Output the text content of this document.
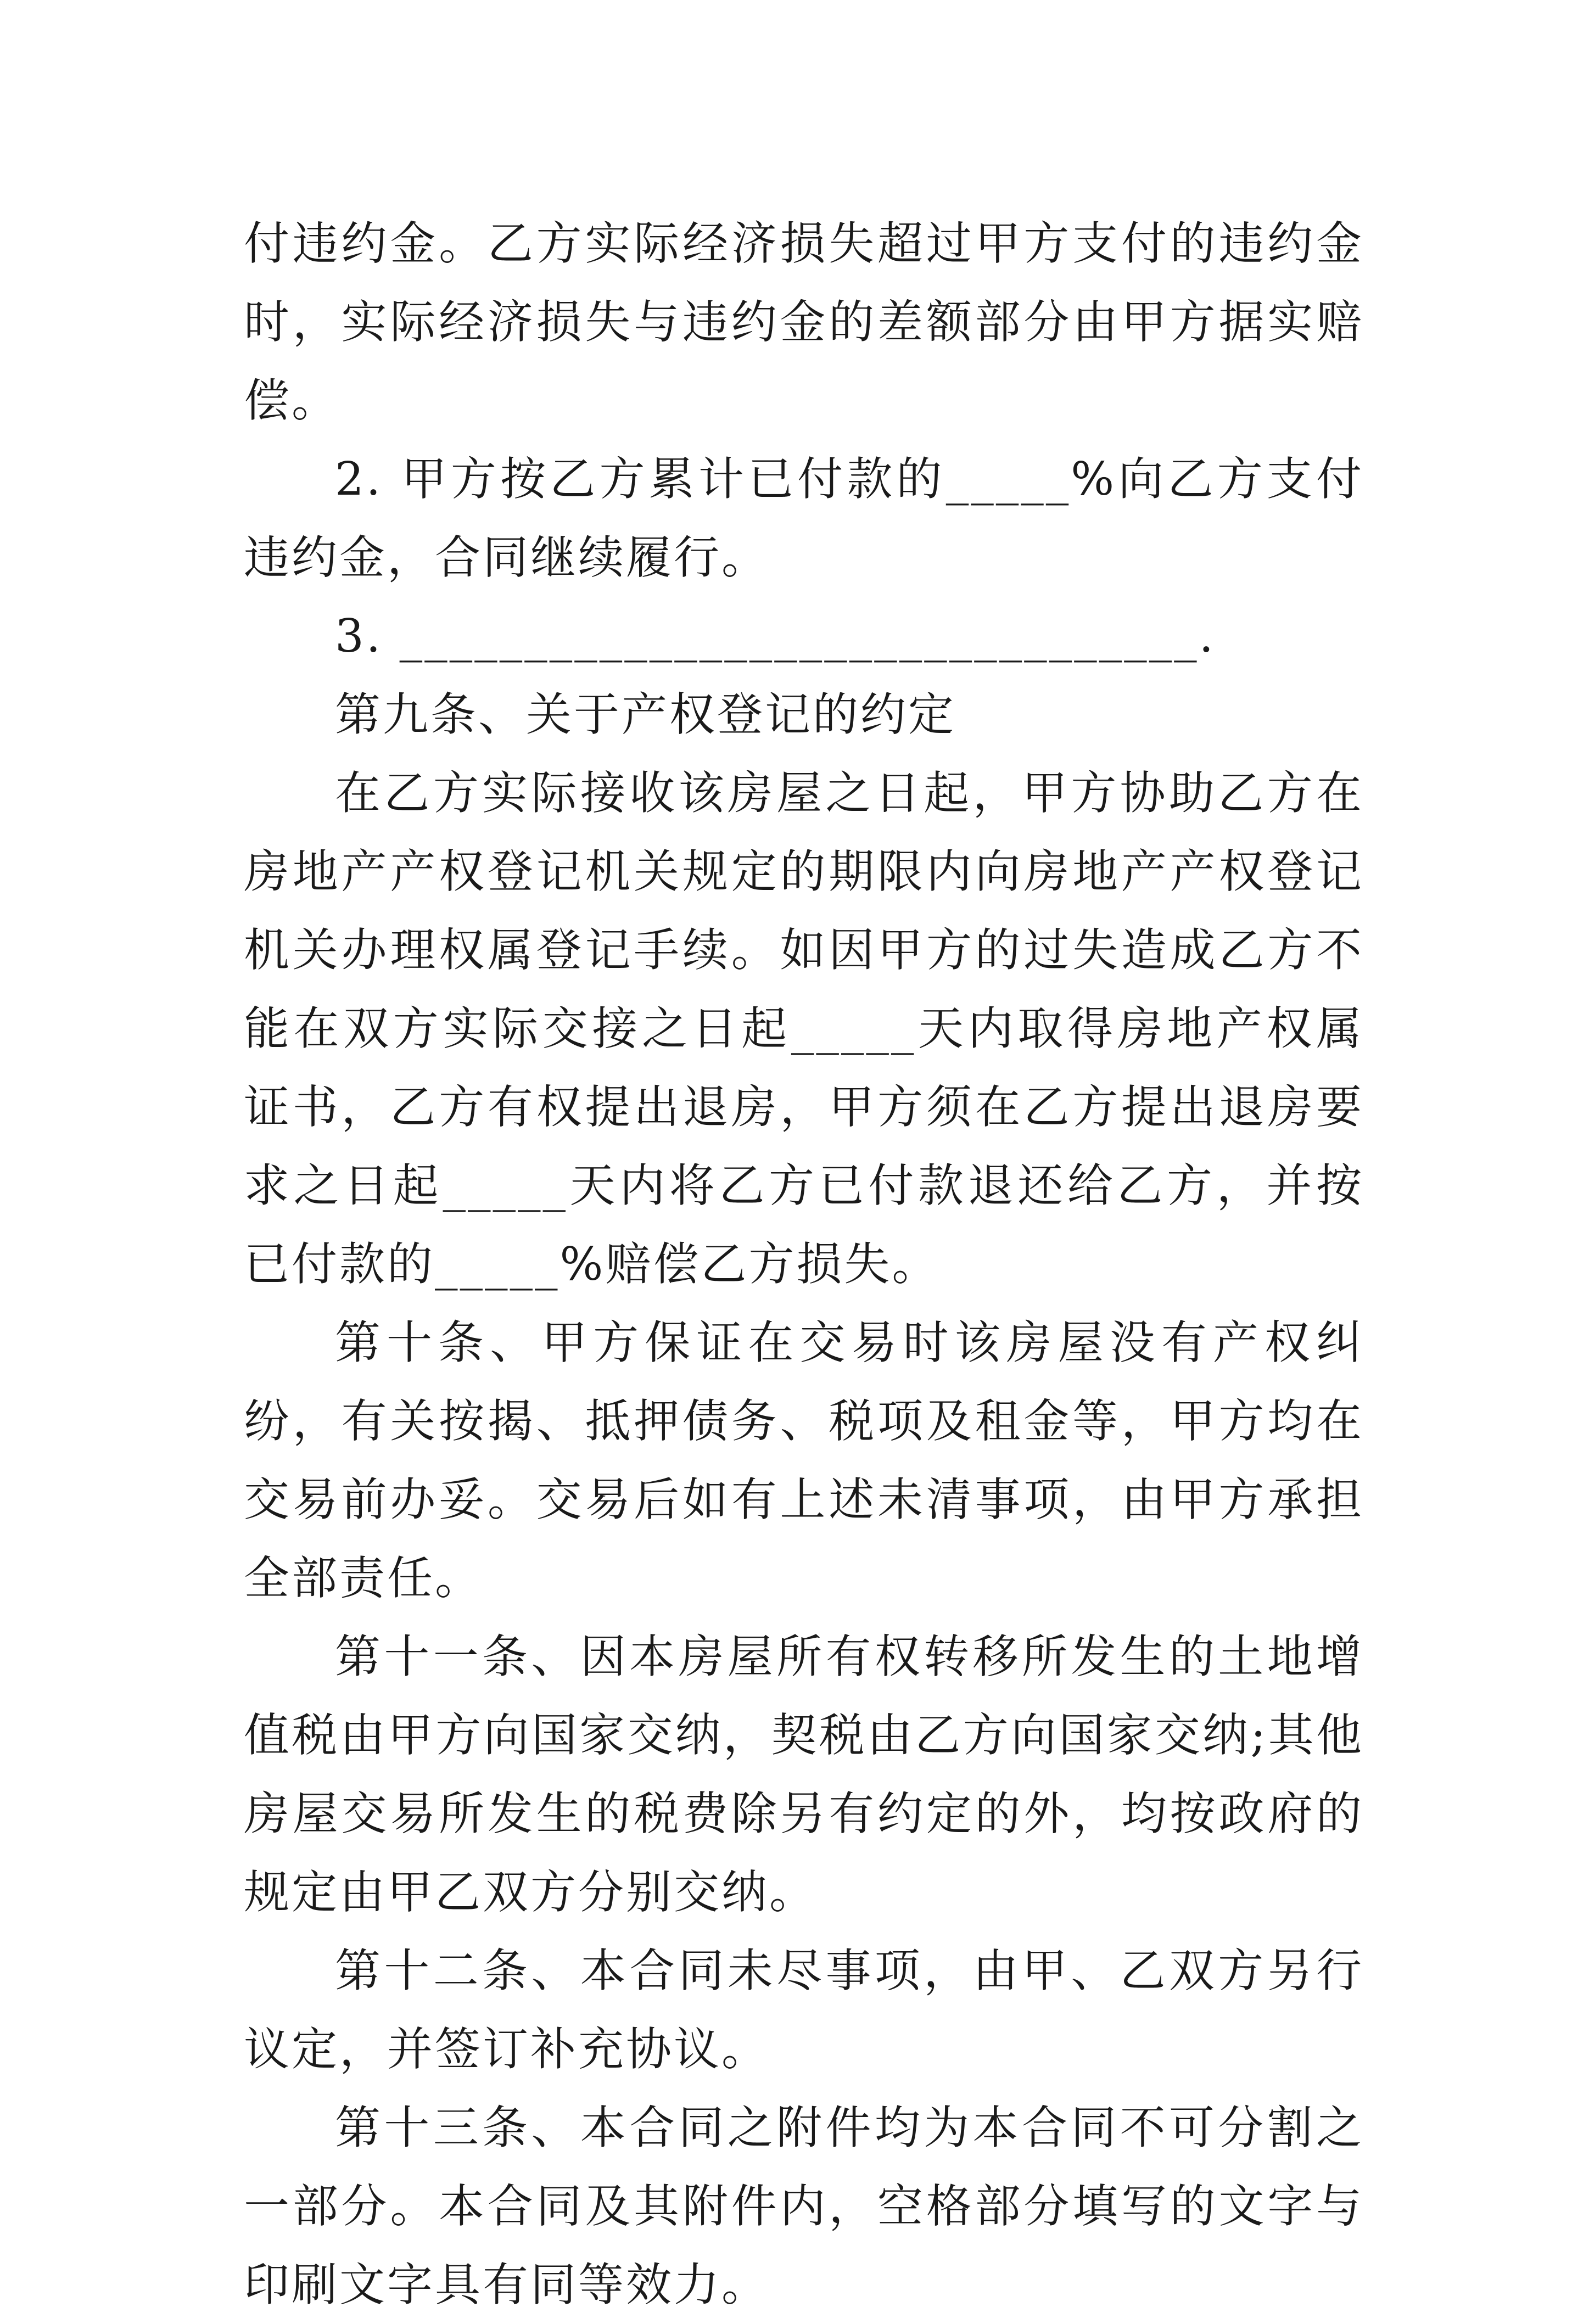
付违约金。乙方实际经济损失超过甲方支付的违约金时，实际经济损失与违约金的差额部分由甲方据实赔偿。

2. 甲方按乙方累计已付款的_____%向乙方支付违约金，合同继续履行。

3. ________________________________.

第九条、关于产权登记的约定

在乙方实际接收该房屋之日起，甲方协助乙方在房地产产权登记机关规定的期限内向房地产产权登记机关办理权属登记手续。如因甲方的过失造成乙方不能在双方实际交接之日起_____天内取得房地产权属证书，乙方有权提出退房，甲方须在乙方提出退房要求之日起_____天内将乙方已付款退还给乙方，并按已付款的_____%赔偿乙方损失。

第十条、甲方保证在交易时该房屋没有产权纠纷，有关按揭、抵押债务、税项及租金等，甲方均在交易前办妥。交易后如有上述未清事项，由甲方承担全部责任。

第十一条、因本房屋所有权转移所发生的土地增值税由甲方向国家交纳，契税由乙方向国家交纳;其他房屋交易所发生的税费除另有约定的外，均按政府的规定由甲乙双方分别交纳。

第十二条、本合同未尽事项，由甲、乙双方另行议定，并签订补充协议。

第十三条、本合同之附件均为本合同不可分割之一部分。本合同及其附件内，空格部分填写的文字与印刷文字具有同等效力。
